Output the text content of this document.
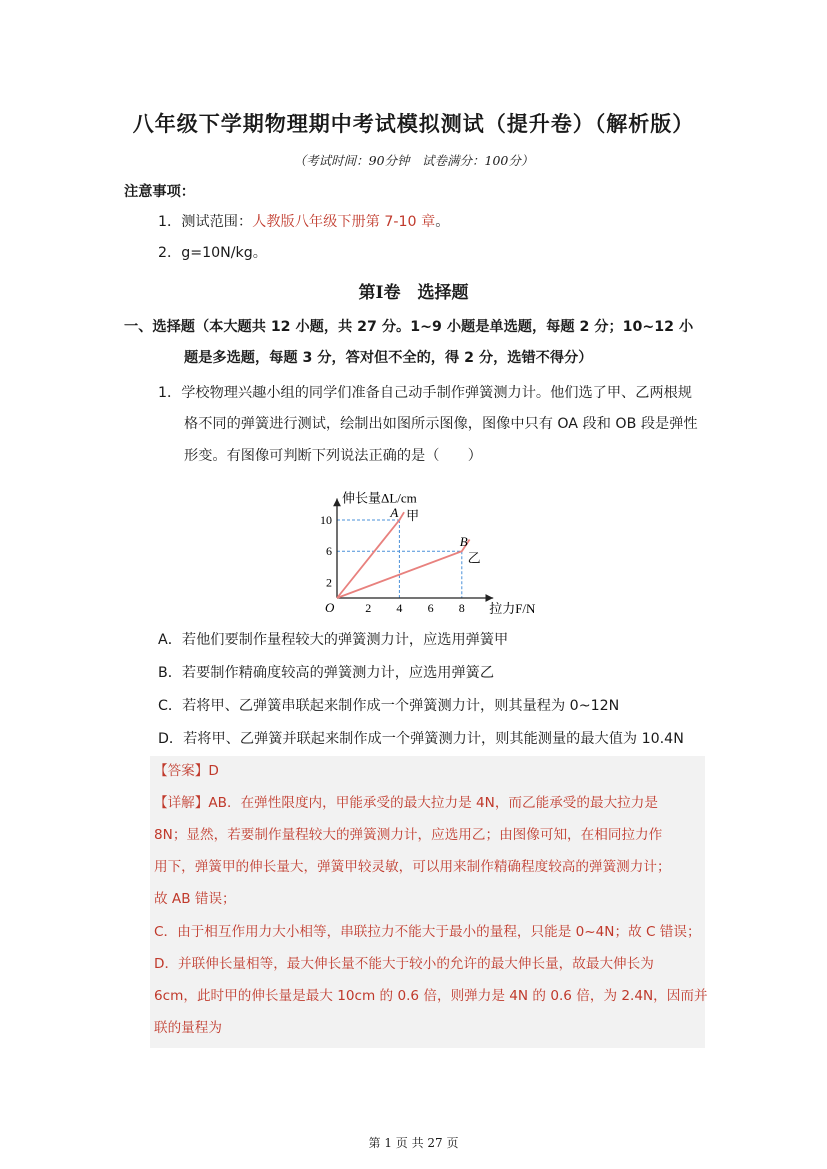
八年级下学期物理期中考试模拟测试（提升卷）（解析版）
（考试时间：90分钟　试卷满分：100分）
注意事项：
1．测试范围：人教版八年级下册第 7-10 章。
2．g=10N/kg。
第Ⅰ卷　选择题
一、选择题（本大题共 12 小题，共 27 分。1~9 小题是单选题，每题 2 分；10~12 小
题是多选题，每题 3 分，答对但不全的，得 2 分，选错不得分）
1．学校物理兴趣小组的同学们准备自己动手制作弹簧测力计。他们选了甲、乙两根规
格不同的弹簧进行测试，绘制出如图所示图像，图像中只有 OA 段和 OB 段是弹性
形变。有图像可判断下列说法正确的是（　　）
A
B
甲
乙
2 4 6 8
2
6
10
O
伸长量ΔL/cm
拉力F/N
A．若他们要制作量程较大的弹簧测力计，应选用弹簧甲
B．若要制作精确度较高的弹簧测力计，应选用弹簧乙
C．若将甲、乙弹簧串联起来制作成一个弹簧测力计，则其量程为 0~12N
D．若将甲、乙弹簧并联起来制作成一个弹簧测力计，则其能测量的最大值为 10.4N
【答案】D
【详解】AB．在弹性限度内，甲能承受的最大拉力是 4N，而乙能承受的最大拉力是
8N；显然，若要制作量程较大的弹簧测力计，应选用乙；由图像可知，在相同拉力作
用下，弹簧甲的伸长量大，弹簧甲较灵敏，可以用来制作精确程度较高的弹簧测力计；
故 AB 错误；
C．由于相互作用力大小相等，串联拉力不能大于最小的量程，只能是 0~4N；故 C 错误；
D．并联伸长量相等，最大伸长量不能大于较小的允许的最大伸长量，故最大伸长为
6cm，此时甲的伸长量是最大 10cm 的 0.6 倍，则弹力是 4N 的 0.6 倍，为 2.4N，因而并
联的量程为
第 1 页 共 27 页
